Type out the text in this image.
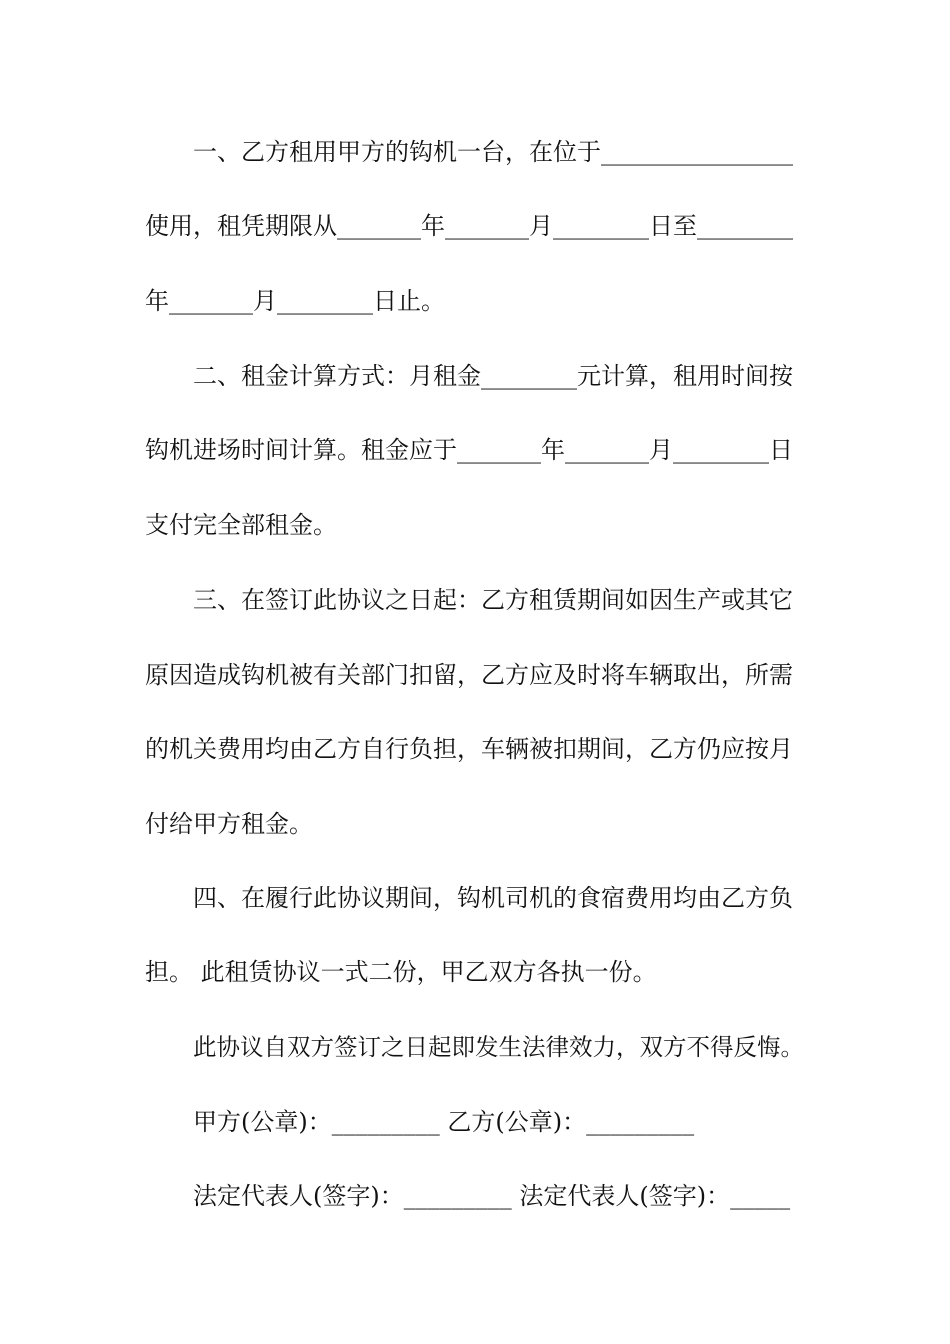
一、乙方租用甲方的钩机一台，在位于________________
使用，租凭期限从_______年_______月________日至________
年_______月________日止。
二、租金计算方式：月租金________元计算，租用时间按
钩机进场时间计算。租金应于_______年_______月________日
支付完全部租金。
三、在签订此协议之日起：乙方租赁期间如因生产或其它
原因造成钩机被有关部门扣留，乙方应及时将车辆取出，所需
的机关费用均由乙方自行负担，车辆被扣期间，乙方仍应按月
付给甲方租金。
四、在履行此协议期间，钩机司机的食宿费用均由乙方负
担。 此租赁协议一式二份，甲乙双方各执一份。
此协议自双方签订之日起即发生法律效力，双方不得反悔。
甲方(公章)：_________ 乙方(公章)：_________
法定代表人(签字)：_________ 法定代表人(签字)：_____
